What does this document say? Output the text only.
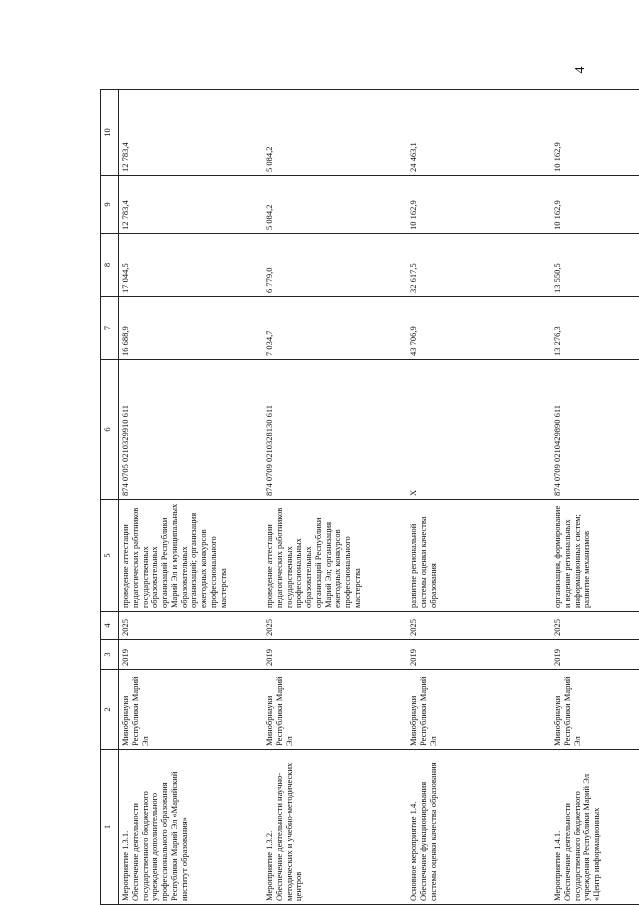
4
1	2	3	4	5	6	7	8	9	10
Мероприятие 1.3.1.
Обеспечение деятельности государственного бюджетного учреждения дополнительного профессионального образования Республики Марий Эл «Марийский институт образования»	Минобрнауки Республики Марий Эл	2019	2025	проведение аттестации педагогических работников государственных образовательных организаций Республики Марий Эл и муниципальных образовательных организаций; организация ежегодных конкурсов профессионального мастерства	874 0705 0210329910 611	16 688,9	17 044,5	12 783,4	12 783,4
Мероприятие 1.3.2.
Обеспечение деятельности научно-методических и учебно-методических центров	Минобрнауки Республики Марий Эл	2019	2025	проведение аттестации педагогических работников государственных профессиональных образовательных организаций Республики Марий Эл; организация ежегодных конкурсов профессионального мастерства	874 0709 0210328130 611	7 034,7	6 779,0	5 084,2	5 084,2
Основное мероприятие 1.4.
Обеспечение функционирования системы оценки качества образования	Минобрнауки Республики Марий Эл	2019	2025	развитие региональной системы оценки качества образования	Х	43 706,9	32 617,5	10 162,9	24 463,1
Мероприятие 1.4.1.
Обеспечение деятельности государственного бюджетного учреждения Республики Марий Эл «Центр информационных	Минобрнауки Республики Марий Эл	2019	2025	организация, формирование и ведение региональных информационных систем; развитие механизмов	874 0709 0210429890 611	13 276,3	13 550,5	10 162,9	10 162,9
